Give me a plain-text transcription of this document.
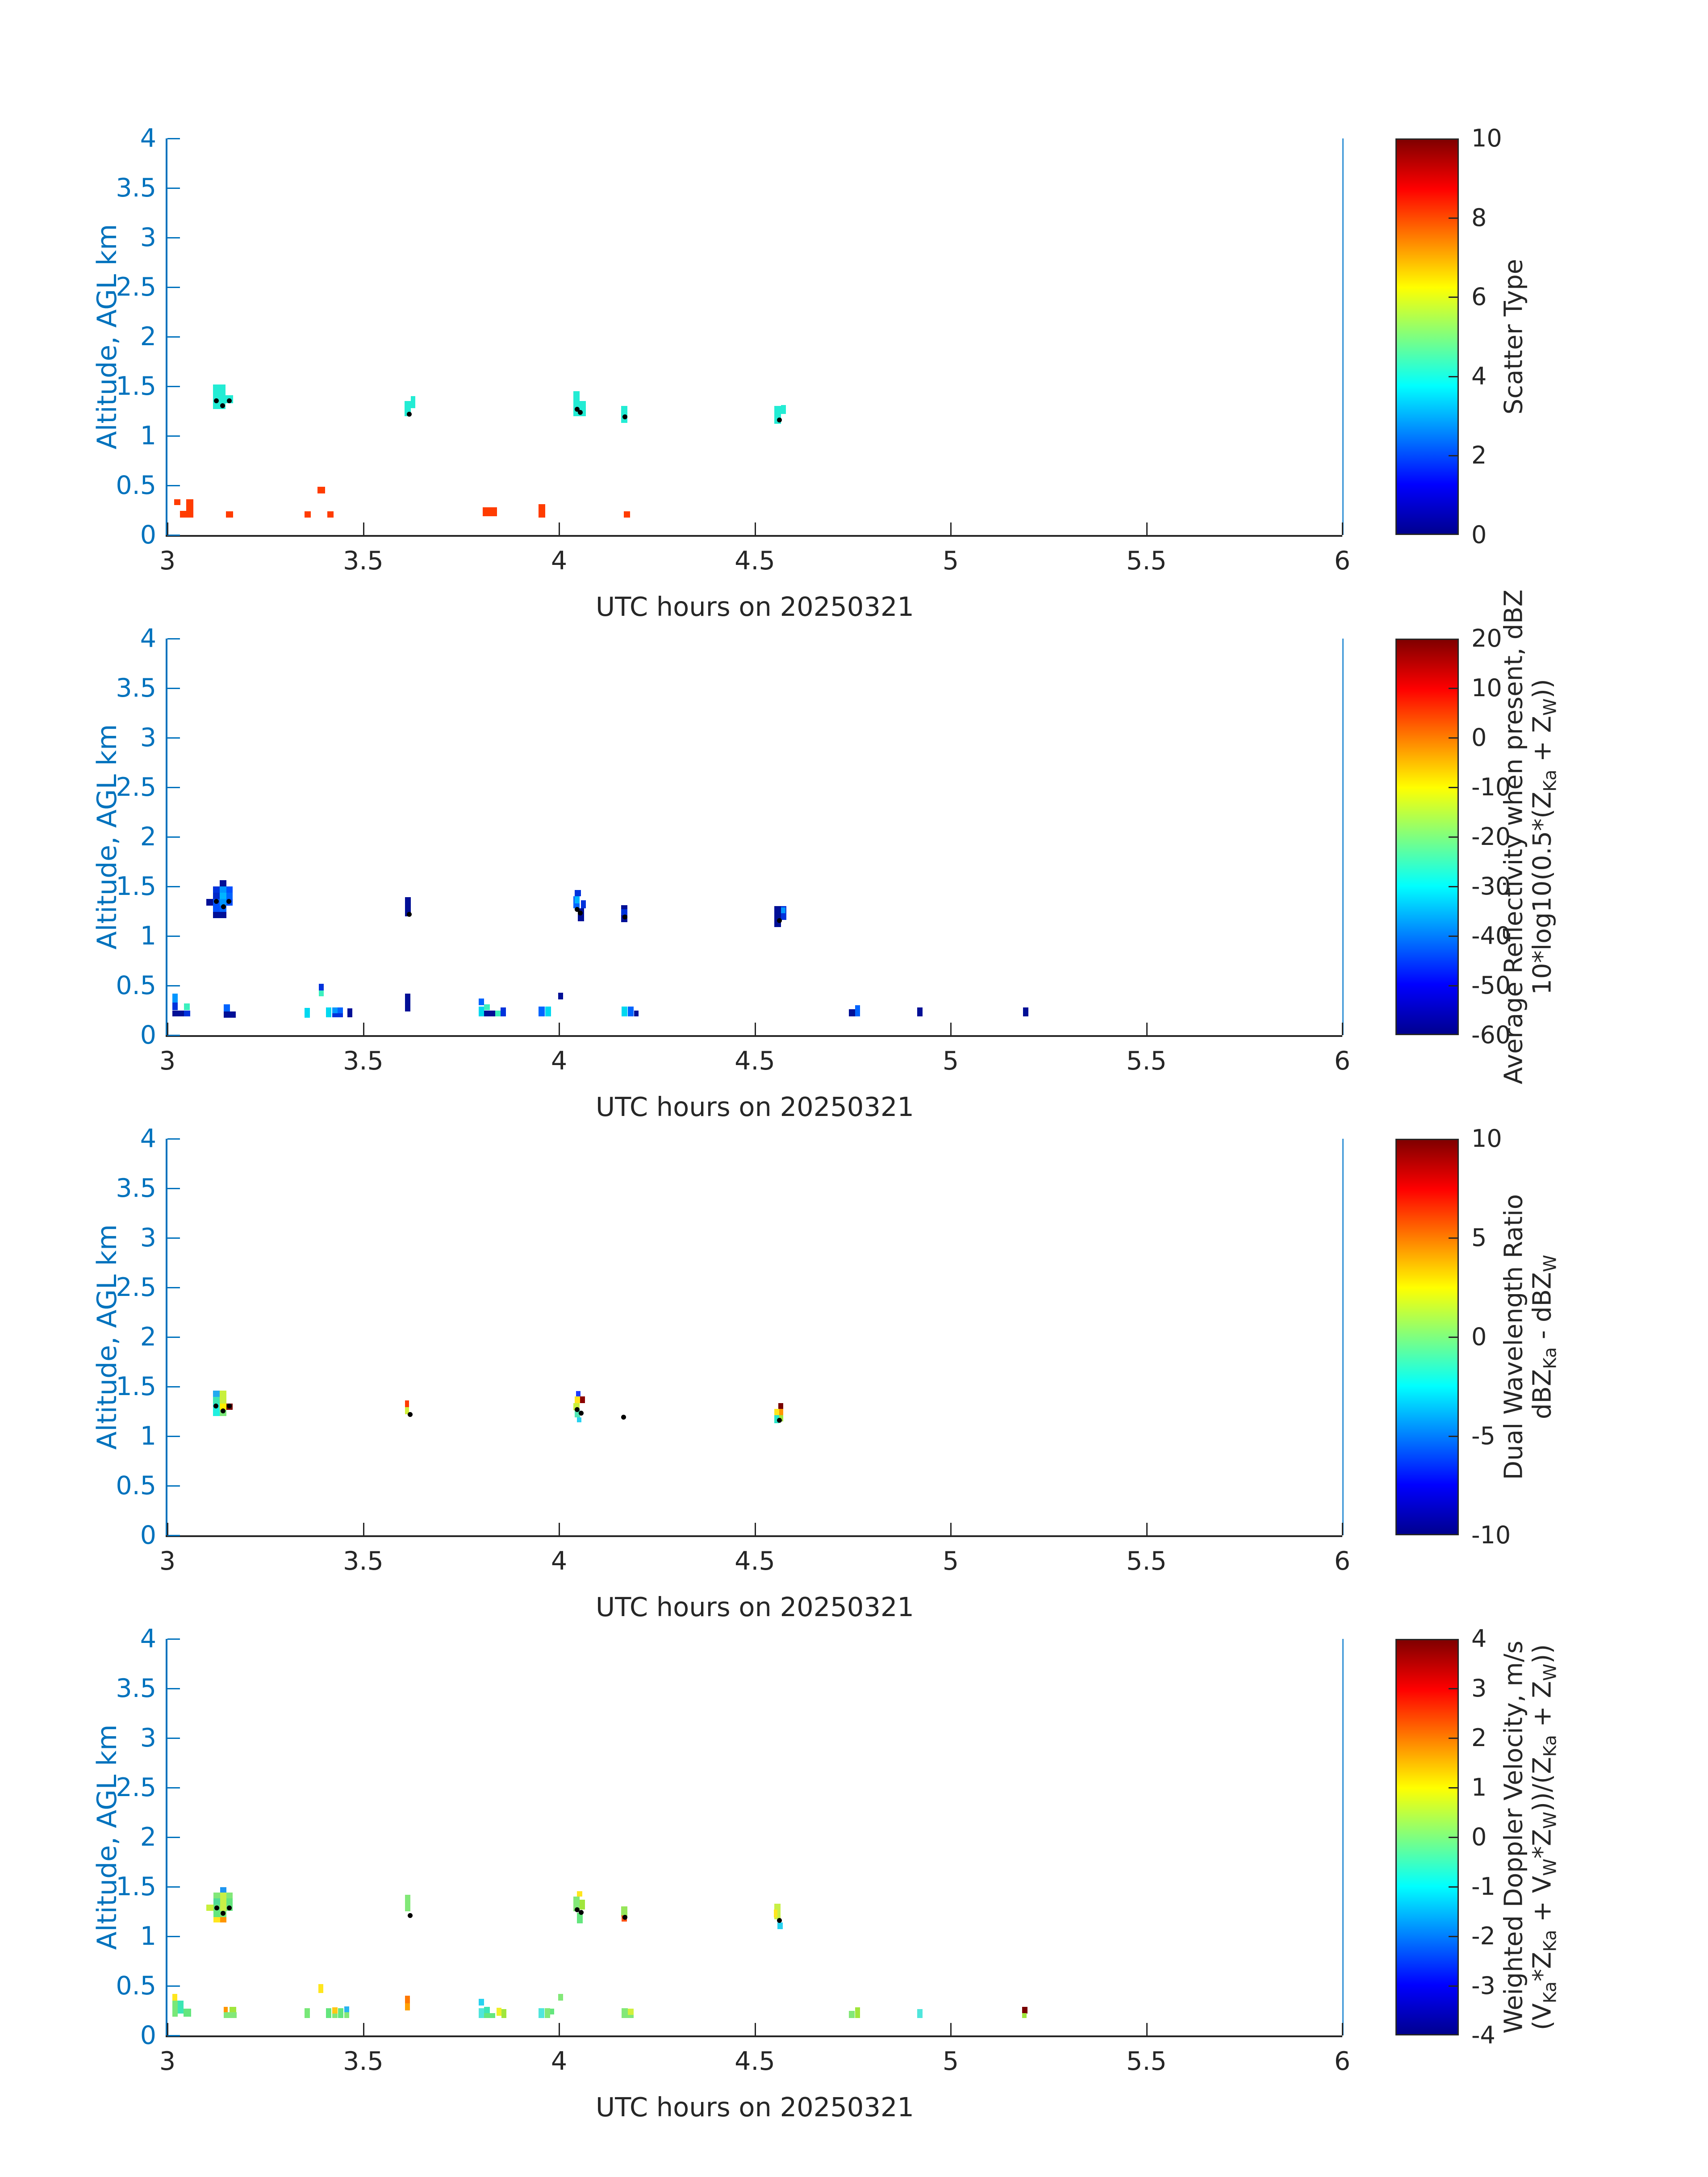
0
0.5
1
1.5
2
2.5
3
3.5
4
3	3.5	4	4.5	5	5.5	6
UTC hours on 20250321
Altitude, AGL km
0
2
4
6
8
10
Scatter Type
0
0.5
1
1.5
2
2.5
3
3.5
4
3	3.5	4	4.5	5	5.5	6
UTC hours on 20250321
Altitude, AGL km
-60
-50
-40
-30
-20
-10
0
10
20
Average Reflectivity when present, dBZ
$10*\log 10(0.5*(Z_{Ka} + Z_W))$
0
0.5
1
1.5
2
2.5
3
3.5
4
3	3.5	4	4.5	5	5.5	6
UTC hours on 20250321
Altitude, AGL km
-10
-5
0
5
10
Dual Wavelength Ratio
dBZ$_{Ka}$ - dBZ$_W$
0
0.5
1
1.5
2
2.5
3
3.5
4
3	3.5	4	4.5	5	5.5	6
UTC hours on 20250321
Altitude, AGL km
-4
-3
-2
-1
0
1
2
3
4
Weighted Doppler Velocity, m/s
$(V_{Ka}*Z_{Ka} + V_W*Z_W))/(Z_{Ka} + Z_W)$)
